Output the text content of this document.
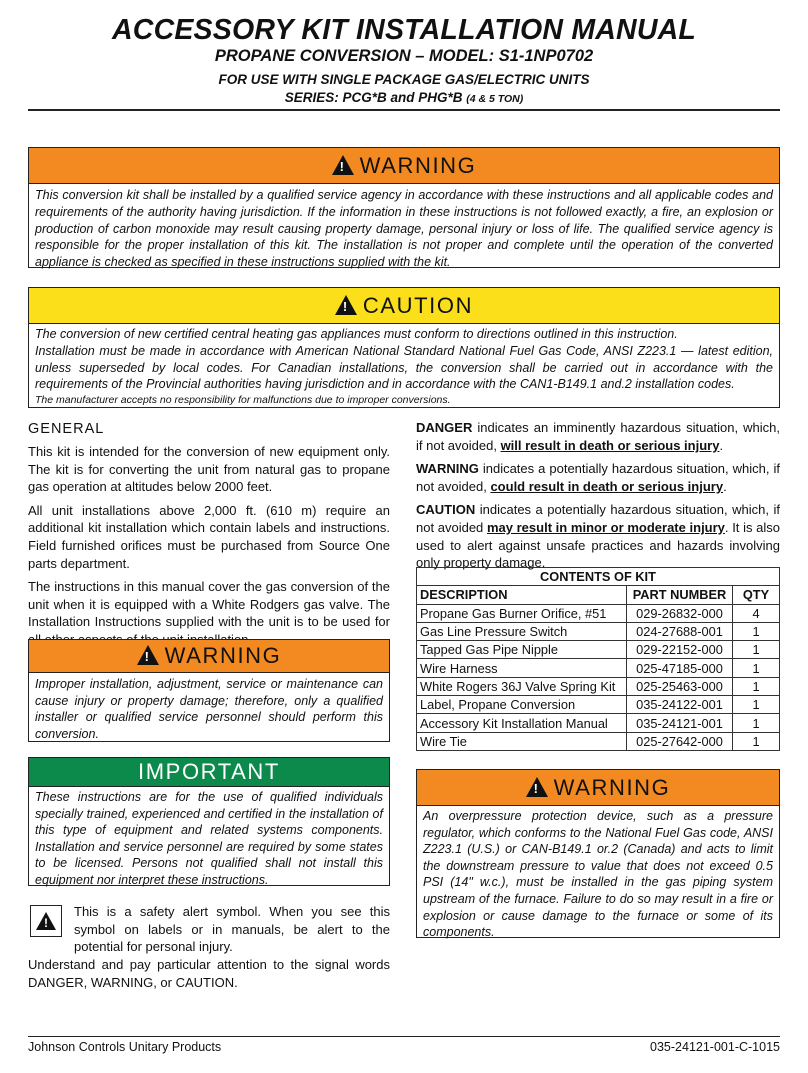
ACCESSORY KIT INSTALLATION MANUAL
PROPANE CONVERSION – MODEL: S1-1NP0702
FOR USE WITH SINGLE PACKAGE GAS/ELECTRIC UNITS
SERIES: PCG*B and PHG*B (4 & 5 TON)
!
WARNING
This conversion kit shall be installed by a qualified service agency in accordance with these instructions and all applicable codes and requirements of the authority having jurisdiction. If the information in these instructions is not followed exactly, a fire, an explosion or production of carbon monoxide may result causing property damage, personal injury or loss of life. The qualified service agency is responsible for the proper installation of this kit. The installation is not proper and complete until the operation of the converted appliance is checked as specified in these instructions supplied with the kit.
!
CAUTION
The conversion of new certified central heating gas appliances must conform to directions outlined in this instruction.
Installation must be made in accordance with American National Standard National Fuel Gas Code, ANSI Z223.1 — latest edition, unless superseded by local codes. For Canadian installations, the conversion shall be carried out in accordance with the requirements of the Provincial authorities having jurisdiction and in accordance with the CAN1-B149.1 and.2 installation codes.
The manufacturer accepts no responsibility for malfunctions due to improper conversions.
GENERAL

This kit is intended for the conversion of new equipment only. The kit is for converting the unit from natural gas to propane gas operation at altitudes below 2000 feet.

All unit installations above 2,000 ft. (610 m) require an additional kit installation which contain labels and instructions. Field furnished orifices must be purchased from Source One parts department.

The instructions in this manual cover the gas conversion of the unit when it is equipped with a White Rodgers gas valve. The Installation Instructions supplied with the unit is to be used for

!
WARNING
Improper installation, adjustment, service or maintenance can cause injury or property damage; therefore, only a qualified installer or qualified service personnel should perform this conversion.
IMPORTANT
These instructions are for the use of qualified individuals specially trained, experienced and certified in the installation of this type of equipment and related systems components. Installation and service personnel are required by some states to be licensed. Persons not qualified shall not install this equipment nor interpret these instructions.
!
This is a safety alert symbol. When you see this symbol on labels or in manuals, be alert to the potential for personal injury.
Understand and pay particular attention to the signal words DANGER, WARNING, or CAUTION.

DANGER indicates an imminently hazardous situation, which, if not avoided, will result in death or serious injury.

WARNING indicates a potentially hazardous situation, which, if not avoided, could result in death or serious injury.

CAUTION indicates a potentially hazardous situation, which, if not avoided may result in minor or moderate injury. It is also used to alert against unsafe practices and hazards involving only property damage.

CONTENTS OF KIT		
DESCRIPTION	PART NUMBER	QTY
Propane Gas Burner Orifice, #51	029-26832-000	4
Gas Line Pressure Switch	024-27688-001	1
Tapped Gas Pipe Nipple	029-22152-000	1
Wire Harness	025-47185-000	1
White Rogers 36J Valve Spring Kit	025-25463-000	1
Label, Propane Conversion	035-24122-001	1
Accessory Kit Installation Manual	035-24121-001	1
Wire Tie	025-27642-000	1
!
WARNING
An overpressure protection device, such as a pressure regulator, which conforms to the National Fuel Gas code, ANSI Z223.1 (U.S.) or CAN-B149.1 or.2 (Canada) and acts to limit the downstream pressure to value that does not exceed 0.5 PSI (14" w.c.), must be installed in the gas piping system upstream of the furnace. Failure to do so may result in a fire or explosion or cause damage to the furnace or some of its components.
Johnson Controls Unitary Products	035-24121-001-C-1015
